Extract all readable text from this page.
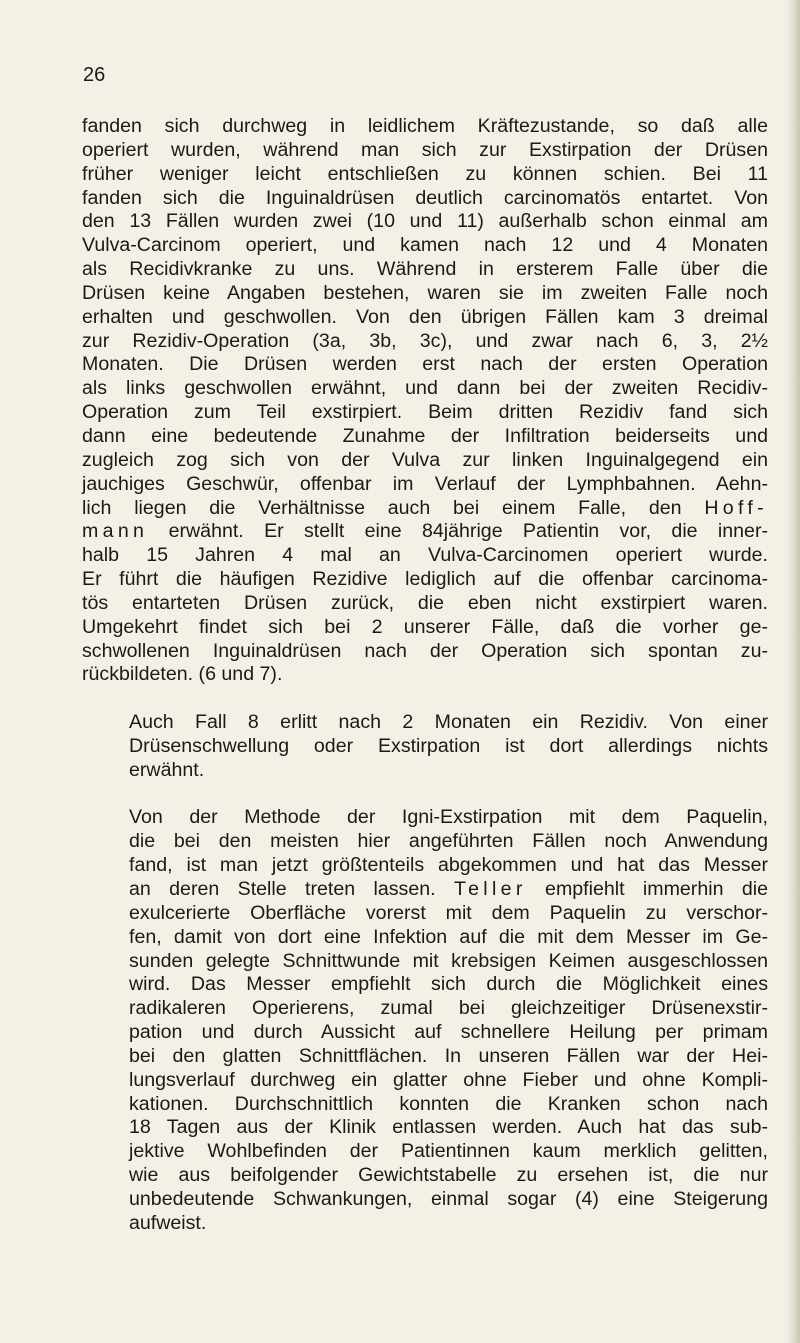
26

fanden sich durchweg in leidlichem Kräftezustande, so daß alle
operiert wurden, während man sich zur Exstirpation der Drüsen
früher weniger leicht entschließen zu können schien. Bei 11
fanden sich die Inguinaldrüsen deutlich carcinomatös entartet. Von
den 13 Fällen wurden zwei (10 und 11) außerhalb schon einmal am
Vulva-Carcinom operiert, und kamen nach 12 und 4 Monaten
als Recidivkranke zu uns. Während in ersterem Falle über die
Drüsen keine Angaben bestehen, waren sie im zweiten Falle noch
erhalten und geschwollen. Von den übrigen Fällen kam 3 dreimal
zur Rezidiv-Operation (3a, 3b, 3c), und zwar nach 6, 3, 2½
Monaten. Die Drüsen werden erst nach der ersten Operation
als links geschwollen erwähnt, und dann bei der zweiten Recidiv-
Operation zum Teil exstirpiert. Beim dritten Rezidiv fand sich
dann eine bedeutende Zunahme der Infiltration beiderseits und
zugleich zog sich von der Vulva zur linken Inguinalgegend ein
jauchiges Geschwür, offenbar im Verlauf der Lymphbahnen. Aehn-
lich liegen die Verhältnisse auch bei einem Falle, den Hoff-
mann erwähnt. Er stellt eine 84jährige Patientin vor, die inner-
halb 15 Jahren 4 mal an Vulva-Carcinomen operiert wurde.
Er führt die häufigen Rezidive lediglich auf die offenbar carcinoma-
tös entarteten Drüsen zurück, die eben nicht exstirpiert waren.
Umgekehrt findet sich bei 2 unserer Fälle, daß die vorher ge-
schwollenen Inguinaldrüsen nach der Operation sich spontan zu-
rückbildeten. (6 und 7).

Auch Fall 8 erlitt nach 2 Monaten ein Rezidiv. Von einer
Drüsenschwellung oder Exstirpation ist dort allerdings nichts
erwähnt.

Von der Methode der Igni-Exstirpation mit dem Paquelin,
die bei den meisten hier angeführten Fällen noch Anwendung
fand, ist man jetzt größtenteils abgekommen und hat das Messer
an deren Stelle treten lassen. Teller empfiehlt immerhin die
exulcerierte Oberfläche vorerst mit dem Paquelin zu verschor-
fen, damit von dort eine Infektion auf die mit dem Messer im Ge-
sunden gelegte Schnittwunde mit krebsigen Keimen ausgeschlossen
wird. Das Messer empfiehlt sich durch die Möglichkeit eines
radikaleren Operierens, zumal bei gleichzeitiger Drüsenexstir-
pation und durch Aussicht auf schnellere Heilung per primam
bei den glatten Schnittflächen. In unseren Fällen war der Hei-
lungsverlauf durchweg ein glatter ohne Fieber und ohne Kompli-
kationen. Durchschnittlich konnten die Kranken schon nach
18 Tagen aus der Klinik entlassen werden. Auch hat das sub-
jektive Wohlbefinden der Patientinnen kaum merklich gelitten,
wie aus beifolgender Gewichtstabelle zu ersehen ist, die nur
unbedeutende Schwankungen, einmal sogar (4) eine Steigerung
aufweist.
